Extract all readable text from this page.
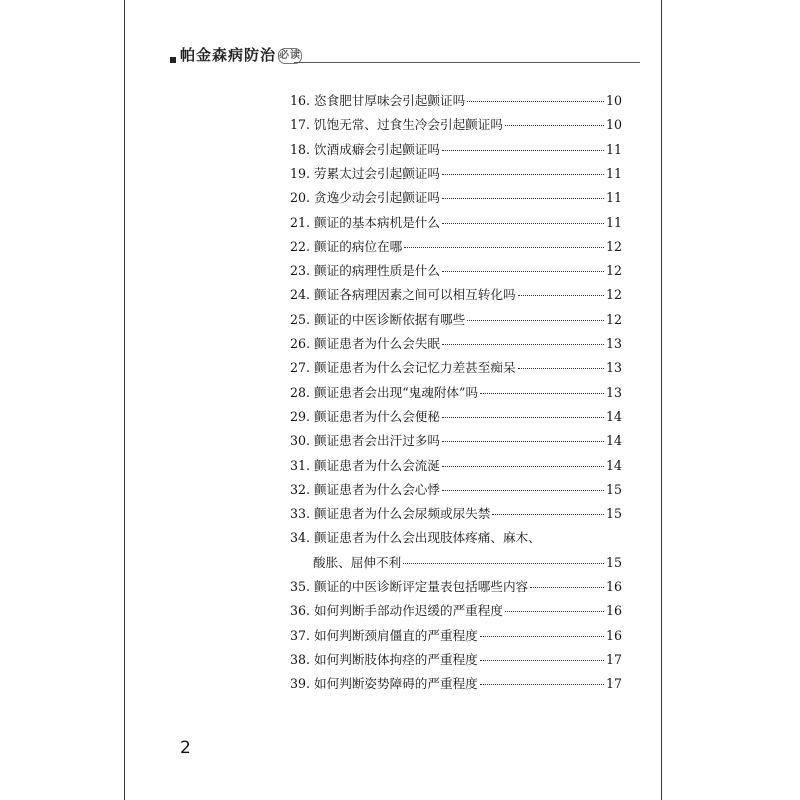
帕金森病防治 必读
16. 恣食肥甘厚味会引起颤证吗	10
17. 饥饱无常、过食生冷会引起颤证吗	10
18. 饮酒成癖会引起颤证吗	11
19. 劳累太过会引起颤证吗	11
20. 贪逸少动会引起颤证吗	11
21. 颤证的基本病机是什么	11
22. 颤证的病位在哪	12
23. 颤证的病理性质是什么	12
24. 颤证各病理因素之间可以相互转化吗	12
25. 颤证的中医诊断依据有哪些	12
26. 颤证患者为什么会失眠	13
27. 颤证患者为什么会记忆力差甚至痴呆	13
28. 颤证患者会出现“鬼魂附体”吗	13
29. 颤证患者为什么会便秘	14
30. 颤证患者会出汗过多吗	14
31. 颤证患者为什么会流涎	14
32. 颤证患者为什么会心悸	15
33. 颤证患者为什么会尿频或尿失禁	15
34. 颤证患者为什么会出现肢体疼痛、麻木、
酸胀、屈伸不利	15
35. 颤证的中医诊断评定量表包括哪些内容	16
36. 如何判断手部动作迟缓的严重程度	16
37. 如何判断颈肩僵直的严重程度	16
38. 如何判断肢体拘痉的严重程度	17
39. 如何判断姿势障碍的严重程度	17
2
